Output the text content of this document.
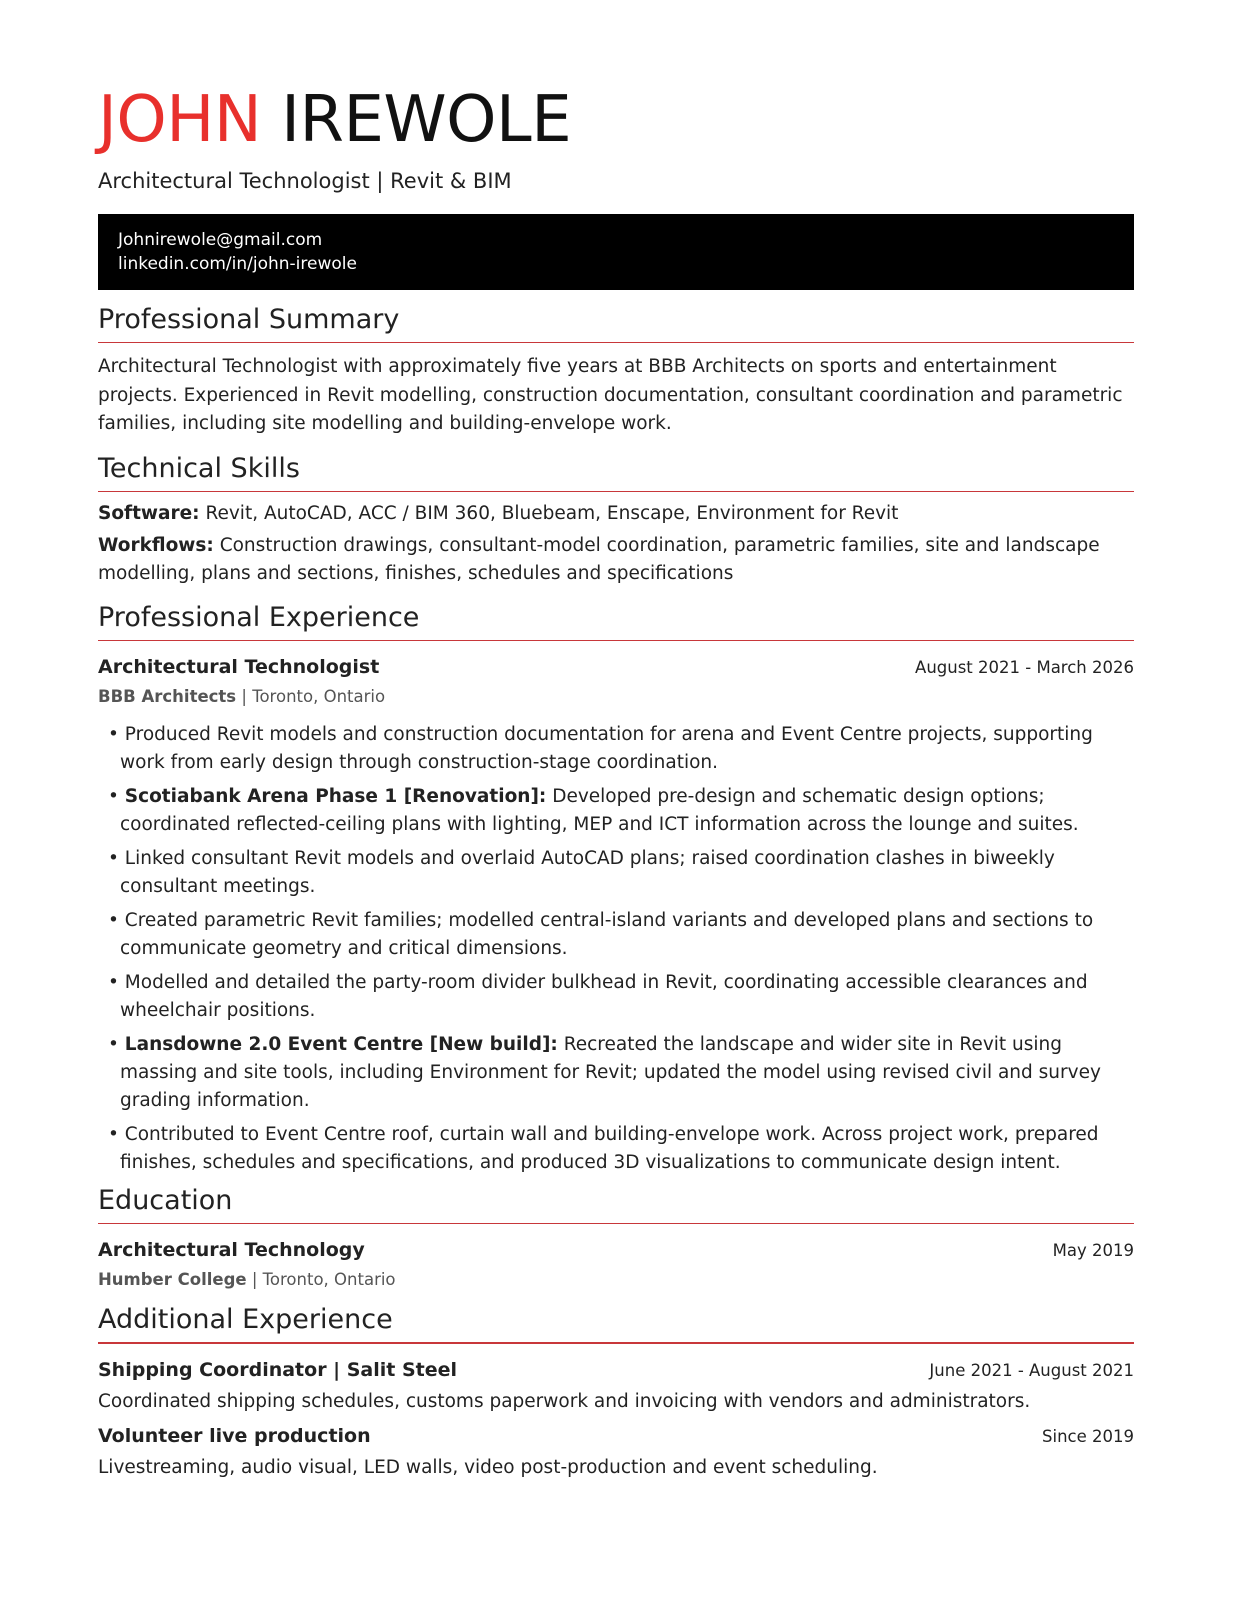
JOHN IREWOLE
Architectural Technologist | Revit & BIM
Johnirewole@gmail.com
linkedin.com/in/john-irewole
Professional Summary
Architectural Technologist with approximately five years at BBB Architects on sports and entertainment projects. Experienced in Revit modelling, construction documentation, consultant coordination and parametric families, including site modelling and building-envelope work.
Technical Skills
Software: Revit, AutoCAD, ACC / BIM 360, Bluebeam, Enscape, Environment for Revit
Workflows: Construction drawings, consultant-model coordination, parametric families, site and landscape modelling, plans and sections, finishes, schedules and specifications
Professional Experience
Architectural Technologist	August 2021 - March 2026
BBB Architects | Toronto, Ontario
• Produced Revit models and construction documentation for arena and Event Centre projects, supporting work from early design through construction-stage coordination.
• Scotiabank Arena Phase 1 [Renovation]: Developed pre-design and schematic design options; coordinated reflected-ceiling plans with lighting, MEP and ICT information across the lounge and suites.
• Linked consultant Revit models and overlaid AutoCAD plans; raised coordination clashes in biweekly consultant meetings.
• Created parametric Revit families; modelled central-island variants and developed plans and sections to communicate geometry and critical dimensions.
• Modelled and detailed the party-room divider bulkhead in Revit, coordinating accessible clearances and wheelchair positions.
• Lansdowne 2.0 Event Centre [New build]: Recreated the landscape and wider site in Revit using massing and site tools, including Environment for Revit; updated the model using revised civil and survey grading information.
• Contributed to Event Centre roof, curtain wall and building-envelope work. Across project work, prepared finishes, schedules and specifications, and produced 3D visualizations to communicate design intent.
Education
Architectural Technology	May 2019
Humber College | Toronto, Ontario
Additional Experience
Shipping Coordinator | Salit Steel	June 2021 - August 2021
Coordinated shipping schedules, customs paperwork and invoicing with vendors and administrators.
Volunteer live production	Since 2019
Livestreaming, audio visual, LED walls, video post-production and event scheduling.
